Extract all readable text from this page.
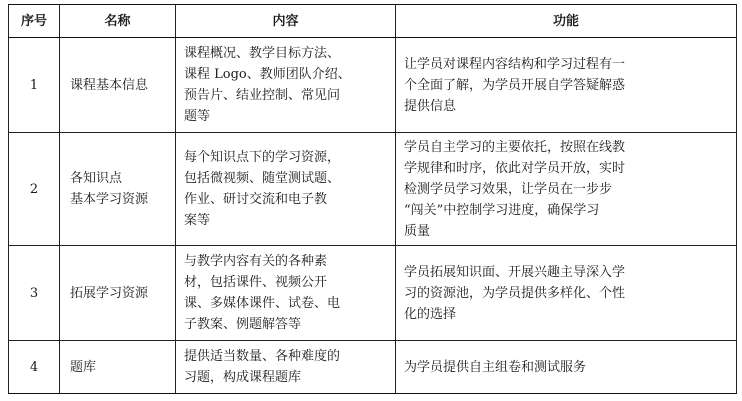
序号	名称	内容	功能
1	课程基本信息	课程概况、教学目标方法、
课程 Logo、教师团队介绍、
预告片、结业控制、常见问
题等	让学员对课程内容结构和学习过程有一
个全面了解，为学员开展自学答疑解惑
提供信息

2	各知识点
基本学习资源	每个知识点下的学习资源，
包括微视频、随堂测试题、
作业、研讨交流和电子教
案等	学员自主学习的主要依托，按照在线教
学规律和时序，依此对学员开放，实时
检测学员学习效果，让学员在一步步
“闯关”中控制学习进度，确保学习
质量

3	拓展学习资源	与教学内容有关的各种素
材，包括课件、视频公开
课、多媒体课件、试卷、电
子教案、例题解答等	学员拓展知识面、开展兴趣主导深入学
习的资源池，为学员提供多样化、个性
化的选择

4	题库	提供适当数量、各种难度的
习题，构成课程题库	为学员提供自主组卷和测试服务
